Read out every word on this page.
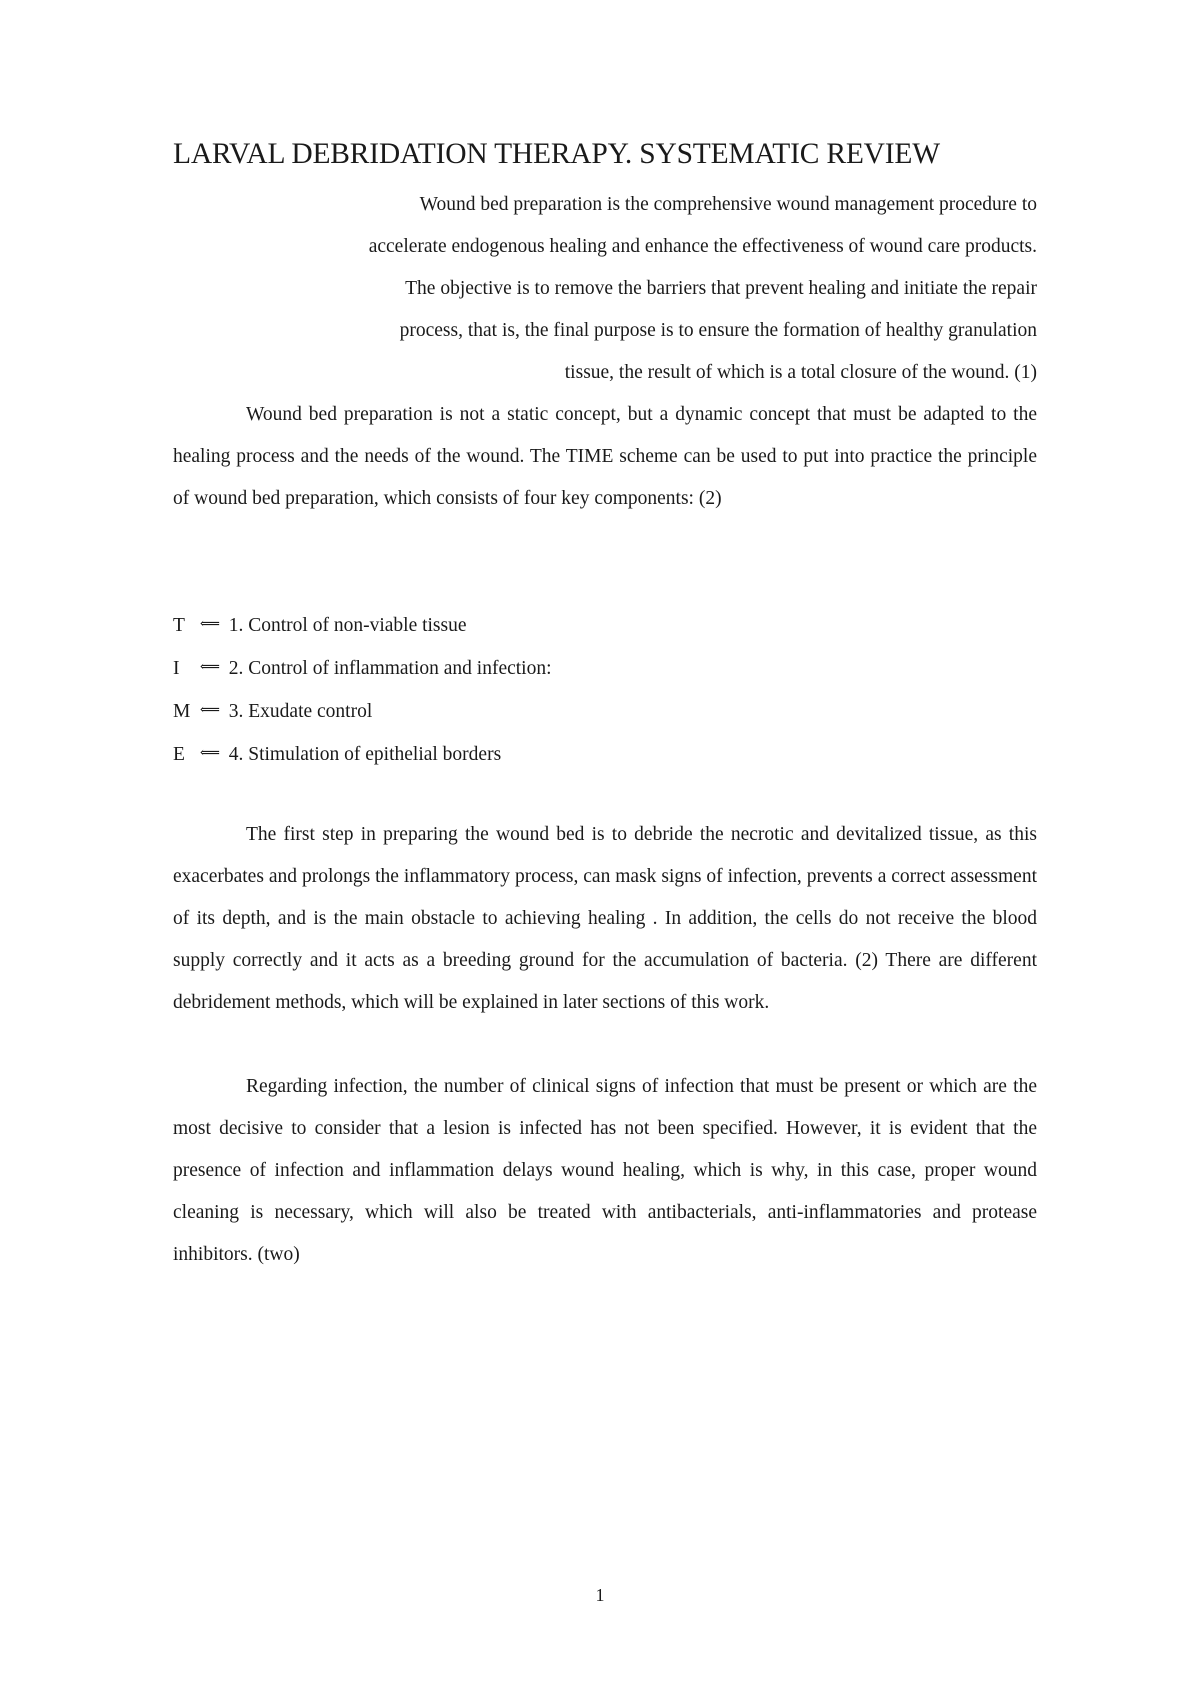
LARVAL DEBRIDATION THERAPY. SYSTEMATIC REVIEW
Wound bed preparation is the comprehensive wound management procedure to
accelerate endogenous healing and enhance the effectiveness of wound care products.
The objective is to remove the barriers that prevent healing and initiate the repair
process, that is, the final purpose is to ensure the formation of healthy granulation
tissue, the result of which is a total closure of the wound. (1)

Wound bed preparation is not a static concept, but a dynamic concept that must be adapted to the healing process and the needs of the wound. The TIME scheme can be used to put into practice the principle of wound bed preparation, which consists of four key components: (2)

T ⟸ 1. Control of non-viable tissue
I ⟸ 2. Control of inflammation and infection:
M ⟸ 3. Exudate control
E ⟸ 4. Stimulation of epithelial borders

The first step in preparing the wound bed is to debride the necrotic and devitalized tissue, as this exacerbates and prolongs the inflammatory process, can mask signs of infection, prevents a correct assessment of its depth, and is the main obstacle to achieving healing . In addition, the cells do not receive the blood supply correctly and it acts as a breeding ground for the accumulation of bacteria. (2) There are different debridement methods, which will be explained in later sections of this work.

Regarding infection, the number of clinical signs of infection that must be present or which are the most decisive to consider that a lesion is infected has not been specified. However, it is evident that the presence of infection and inflammation delays wound healing, which is why, in this case, proper wound cleaning is necessary, which will also be treated with antibacterials, anti-inflammatories and protease inhibitors. (two)

1
